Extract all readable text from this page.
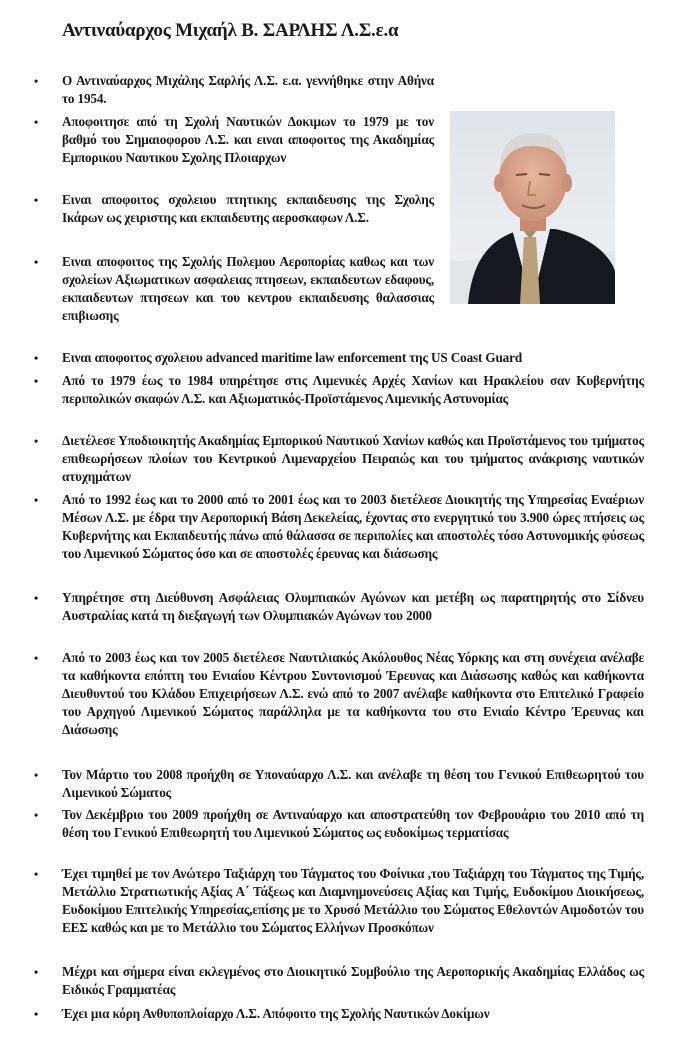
Αντιναύαρχος Μιχαήλ Β. ΣΑΡΛΗΣ Λ.Σ.ε.α
• Ο Αντιναύαρχος Μιχάλης Σαρλής Λ.Σ. ε.α. γεννήθηκε στην Αθήνα το 1954.
• Αποφοιτησε από τη Σχολή Ναυτικών Δοκιμων το 1979 με τον βαθμό του Σημαιοφορου Λ.Σ. και ειναι αποφοιτος της Ακαδημίας Εμπορικου Ναυτικου Σχολης Πλοιαρχων
• Ειναι αποφοιτος σχολειου πτητικης εκπαιδευσης της Σχολης Ικάρων ως χειριστης και εκπαιδευτης αεροσκαφων Λ.Σ.
• Ειναι αποφοιτος της Σχολής Πολεμου Αεροπορίας καθως και των σχολείων Αξιωματικων ασφαλειας πτησεων, εκπαιδευτων εδαφους, εκπαιδευτων πτησεων και του κεντρου εκπαιδευσης θαλασσιας επιβιωσης
• Ειναι αποφοιτος σχολειου advanced maritime law enforcement της US Coast Guard
• Από το 1979 έως το 1984 υπηρέτησε στις Λιμενικές Αρχές Χανίων και Ηρακλείου σαν Κυβερνήτης περιπολικών σκαφών Λ.Σ. και Αξιωματικός-Προϊστάμενος Λιμενικής Αστυνομίας
• Διετέλεσε Υποδιοικητής Ακαδημίας Εμπορικού Ναυτικού Χανίων καθώς και Προϊστάμενος του τμήματος επιθεωρήσεων πλοίων του Κεντρικού Λιμεναρχείου Πειραιώς και του τμήματος ανάκρισης ναυτικών ατυχημάτων
• Από το 1992 έως και το 2000 από το 2001 έως και το 2003 διετέλεσε Διοικητής της Υπηρεσίας Εναέριων Μέσων Λ.Σ. με έδρα την Αεροπορική Βάση Δεκελείας, έχοντας στο ενεργητικό του 3.900 ώρες πτήσεις ως Κυβερνήτης και Εκπαιδευτής πάνω από θάλασσα σε περιπολίες και αποστολές τόσο Αστυνομικής φύσεως του Λιμενικού Σώματος όσο και σε αποστολές έρευνας και διάσωσης
• Υπηρέτησε στη Διεύθυνση Ασφάλειας Ολυμπιακών Αγώνων και μετέβη ως παρατηρητής στο Σίδνευ Αυστραλίας κατά τη διεξαγωγή των Ολυμπιακών Αγώνων του 2000
• Από το 2003 έως και τον 2005 διετέλεσε Ναυτιλιακός Ακόλουθος Νέας Υόρκης και στη συνέχεια ανέλαβε τα καθήκοντα επόπτη του Ενιαίου Κέντρου Συντονισμού Έρευνας και Διάσωσης καθώς και καθήκοντα Διευθυντού του Κλάδου Επιχειρήσεων Λ.Σ. ενώ από το 2007 ανέλαβε καθήκοντα στο Επιτελικό Γραφείο του Αρχηγού Λιμενικού Σώματος παράλληλα με τα καθήκοντα του στο Ενιαίο Κέντρο Έρευνας και Διάσωσης
• Τον Μάρτιο του 2008 προήχθη σε Υποναύαρχο Λ.Σ. και ανέλαβε τη θέση του Γενικού Επιθεωρητού του Λιμενικού Σώματος
• Τον Δεκέμβριο του 2009 προήχθη σε Αντιναύαρχο και αποστρατεύθη τον Φεβρουάριο του 2010 από τη θέση του Γενικού Επιθεωρητή του Λιμενικού Σώματος ως ευδοκίμως τερματίσας
• Έχει τιμηθεί με τον Ανώτερο Ταξιάρχη του Τάγματος του Φοίνικα ,του Ταξιάρχη του Τάγματος της Τιμής, Μετάλλιο Στρατιωτικής Αξίας Α΄ Τάξεως και Διαμνημονεύσεις Αξίας και Τιμής, Ευδοκίμου Διοικήσεως, Ευδοκίμου Επιτελικής Υπηρεσίας,επίσης με το Χρυσό Μετάλλιο του Σώματος Εθελοντών Αιμοδοτών του ΕΕΣ καθώς και με το Μετάλλιο του Σώματος Ελλήνων Προσκόπων
• Μέχρι και σήμερα είναι εκλεγμένος στο Διοικητικό Συμβούλιο της Αεροπορικής Ακαδημίας Ελλάδος ως Ειδικός Γραμματέας
• Έχει μια κόρη Ανθυποπλοίαρχο Λ.Σ. Απόφοιτο της Σχολής Ναυτικών Δοκίμων
